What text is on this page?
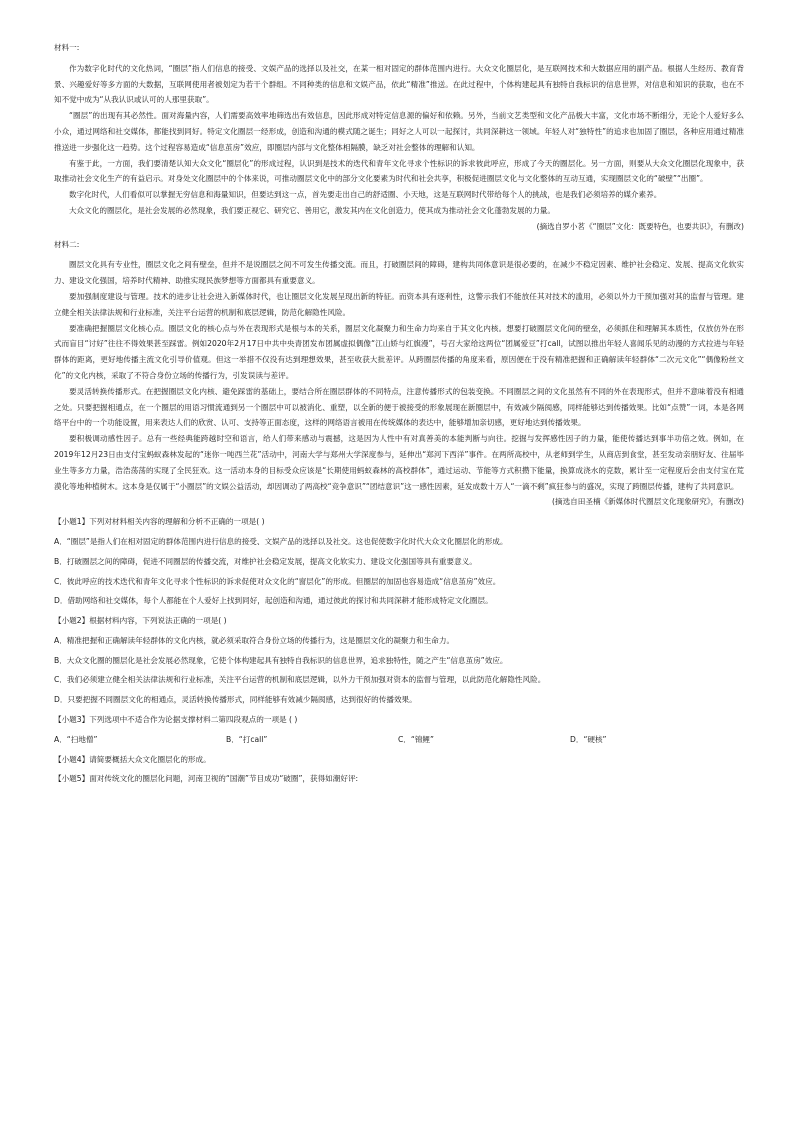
材料一:

作为数字化时代的文化热词，“圈层”指人们信息的接受、文娱产品的选择以及社交，在某一相对固定的群体范围内进行。大众文化圈层化，是互联网技术和大数据应用的副产品。根据人生经历、教育背景、兴趣爱好等多方面的大数据，互联网使用者被划定为若干个群组。不同种类的信息和文娱产品，依此“精准”推送。在此过程中，个体构建起具有独特自我标识的信息世界，对信息和知识的获取，也在不知不觉中成为“从我认识或认可的人那里获取”。

“圈层”的出现有其必然性。面对海量内容，人们需要高效率地筛选出有效信息，因此形成对特定信息源的偏好和依赖。另外，当前文艺类型和文化产品极大丰富，文化市场不断细分，无论个人爱好多么小众，通过网络和社交媒体，都能找到同好。特定文化圈层一经形成，创造和沟通的模式随之诞生；同好之人可以一起探讨，共同深耕这一领域。年轻人对“独特性”的追求也加固了圈层，各种应用通过精准推送进一步强化这一趋势。这个过程容易造成“信息茧房”效应，即圈层内部与文化整体相隔膜，缺乏对社会整体的理解和认知。

有鉴于此，一方面，我们要清楚认知大众文化“圈层化”的形成过程，认识到是技术的迭代和青年文化寻求个性标识的诉求彼此呼应，形成了今天的圈层化。另一方面，则要从大众文化圈层化现象中，获取推动社会文化生产的有益启示。对身处文化圈层中的个体来说，可推动圈层文化中的部分文化要素为时代和社会共享，积极促进圈层文化与文化整体的互动互通，实现圈层文化的“破壁”“出圈”。

数字化时代，人们看似可以掌握无穷信息和海量知识，但要达到这一点，首先要走出自己的舒适圈、小天地，这是互联网时代带给每个人的挑战，也是我们必须培养的媒介素养。

大众文化的圈层化，是社会发展的必然现象，我们要正视它、研究它、善用它，激发其内在文化创造力，使其成为推动社会文化蓬勃发展的力量。

(摘选自罗小茗《“圈层”文化：既要特色，也要共识》，有删改)

材料二:

圈层文化具有专业性，圈层文化之间有壁垒，但并不是说圈层之间不可发生传播交流。而且，打破圈层间的障碍，建构共同体意识是很必要的，在减少不稳定因素、维护社会稳定、发展、提高文化软实力、建设文化强国，培养时代精神、助推实现民族梦想等方面都具有重要意义。

要加强制度建设与管理。技术的进步让社会进入新媒体时代，也让圈层文化发展呈现出新的特征。而资本具有逐利性，这警示我们不能放任其对技术的滥用，必须以外力干预加强对其的监督与管理。建立健全相关法律法规和行业标准，关注平台运营的机制和底层逻辑，防范化解隐性风险。

要准确把握圈层文化核心点。圈层文化的核心点与外在表现形式是根与本的关系，圈层文化凝聚力和生命力均来自于其文化内核。想要打破圈层文化间的壁垒，必须抓住和理解其本质性，仅放仿外在形式而盲目“讨好”往往不得效果甚至踩雷。例如2020年2月17日中共中央青团发布团属虚拟偶像“江山娇与红旗漫”，号召大家给这两位“团属爱豆”打call，试图以推出年轻人喜闻乐见的动漫的方式拉进与年轻群体的距离，更好地传播主流文化引导价值观。但这一举措不仅没有达到理想效果，甚至收获大批差评。从跨圈层传播的角度来看，原因便在于没有精准把握和正确解读年轻群体“二次元文化”“偶像粉丝文化”的文化内核，采取了不符合身份立场的传播行为，引发误读与差评。

要灵活转换传播形式。在把握圈层文化内核、避免踩雷的基础上，要结合所在圈层群体的不同特点，注意传播形式的包装变换。不同圈层之间的文化虽然有不同的外在表现形式，但并不意味着没有相通之处。只要把握相通点，在一个圈层的用语习惯流通到另一个圈层中可以被消化、重塑，以全新的便于被接受的形象展现在新圈层中，有效减少隔阂感，同样能够达到传播效果。比如“点赞”一词，本是各网络平台中的一个功能设置，用来表达人们的欣赏、认可、支持等正面态度，这样的网络语言被用在传统媒体的表达中，能够增加亲切感，更好地达到传播效果。

要积极调动感性因子。总有一些经典能跨越时空和语言，给人们带来感动与震撼，这是因为人性中有对真善美的本能判断与向往。挖掘与发挥感性因子的力量，能使传播达到事半功倍之效。例如，在2019年12月23日由支付宝蚂蚁森林发起的“迷你一吨西兰花”活动中，河南大学与郑州大学深度参与，延伸出“郑河下西洋”事件。在两所高校中，从老师到学生，从商店到食堂，甚至发动亲朋好友、往届毕业生等多方力量，浩浩荡荡的实现了全民狂欢。这一活动本身的目标受众应该是“长期使用蚂蚁森林的高校群体”，通过运动、节能等方式积攒下能量，换算成浇水的克数，累计至一定程度后会由支付宝在荒漠化等地种植树木。这本身是仅属于“小圈层”的文娱公益活动，却因调动了两高校“竞争意识”“团结意识”这一感性因素，延发成数十万人“一滴不剩”疯狂参与的盛况，实现了跨圈层传播，建构了共同意识。

(摘选自田圣楠《新媒体时代圈层文化现象研究》，有删改)

【小题1】下列对材料相关内容的理解和分析不正确的一项是( )

A．“圈层”是指人们在相对固定的群体范围内进行信息的接受、文娱产品的选择以及社交。这也促使数字化时代大众文化圈层化的形成。

B．打破圈层之间的障碍，促进不同圈层的传播交流，对维护社会稳定发展，提高文化软实力、建设文化强国等具有重要意义。

C．彼此呼应的技术迭代和青年文化寻求个性标识的诉求促使对众文化的“窗层化”的形成。但圈层的加固也容易造成“信息茧房”效应。

D．借助网络和社交媒体，每个人都能在个人爱好上找到同好，起创造和沟通，通过彼此的探讨和共同深耕才能形成特定文化圈层。

【小题2】根据材料内容，下列说法正确的一项是( )

A．精准把握和正确解读年轻群体的文化内核，就必须采取符合身份立场的传播行为，这是圈层文化的凝聚力和生命力。

B．大众文化圈的圈层化是社会发展必然现象，它使个体构建起具有独特自我标识的信息世界，追求独特性，随之产生“信息茧房”效应。

C．我们必须建立健全相关法律法规和行业标准，关注平台运营的机制和底层逻辑，以外力干预加强对资本的监督与管理，以此防范化解隐性风险。

D．只要把握不同圈层文化的相通点，灵活转换传播形式，同样能够有效减少隔阂感，达到很好的传播效果。

【小题3】下列选项中不适合作为论据支撑材料二第四段观点的一项是 ( )

A．“扫地僧”	B．“打call”	C．“锦鲤”	D．“硬核”

【小题4】请简要概括大众文化圈层化的形成。

【小题5】面对传统文化的圈层化问题，河南卫视的“国潮”节目成功“破圈”，获得如潮好评:
